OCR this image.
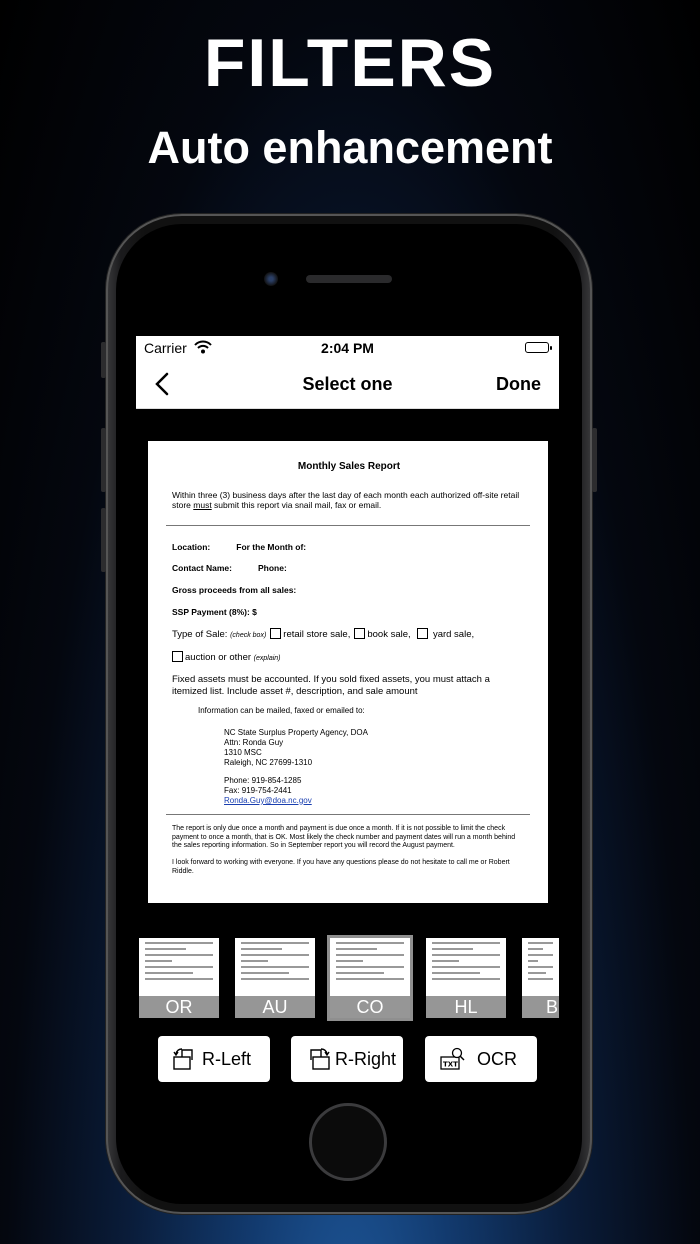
FILTERS
Auto enhancement
Carrier	2:04 PM
Select one	Done
Monthly Sales Report
Within three (3) business days after the last day of each month each authorized off-site retail store must submit this report via snail mail, fax or email.
Location:	For the Month of:
Contact Name:	Phone:
Gross proceeds from all sales:
SSP Payment (8%): $
Type of Sale: (check box) retail store sale, book sale, yard sale,
auction or other (explain)
Fixed assets must be accounted. If you sold fixed assets, you must attach a itemized list. Include asset #, description, and sale amount
Information can be mailed, faxed or emailed to:
NC State Surplus Property Agency, DOA
Attn: Ronda Guy
1310 MSC
Raleigh, NC 27699-1310
Phone: 919-854-1285
Fax: 919-754-2441
Ronda.Guy@doa.nc.gov
The report is only due once a month and payment is due once a month. If it is not possible to limit the check payment to once a month, that is OK. Most likely the check number and payment dates will run a month behind the sales reporting information. So in September report you will record the August payment.
I look forward to working with everyone. If you have any questions please do not hesitate to call me or Robert Riddle.
OR	AU	CO	HL	B
R-Left	R-Right	TXT OCR
